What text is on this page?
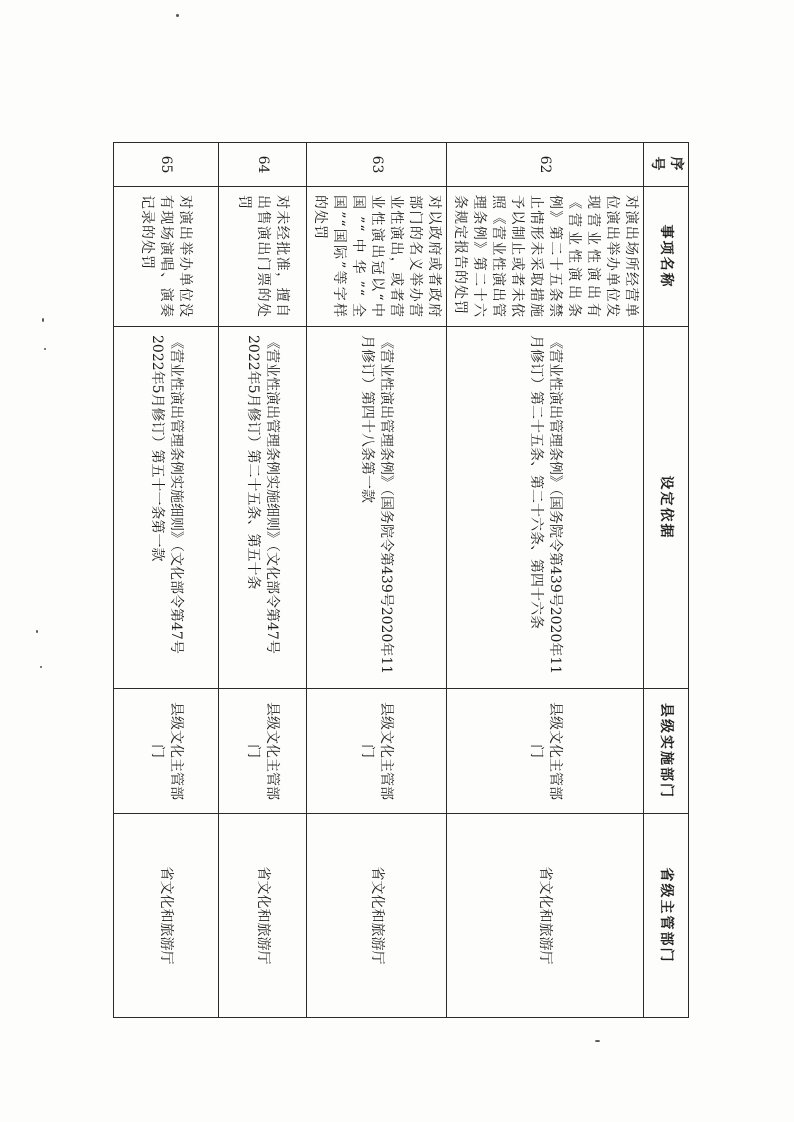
序号	事项名称	设定依据	县级实施部门	省级主管部门
62	对演出场所经营单位演出举办单位发现营业性演出有《营业性演出条例》第二十五条禁止情形未采取措施予以制止或者未依照《营业性演出管理条例》第二十六条规定报告的处罚	《营业性演出管理条例》（国务院令第439号2020年11月修订）第二十五条、第二十六条、第四十六条	县级文化主管部门	省文化和旅游厅
63	对以政府或者政府部门的名义举办营业性演出，或者营业性演出冠以“中国”“中华”“全国”“国际”等字样的处罚	《营业性演出管理条例》（国务院令第439号2020年11月修订）第四十八条第一款	县级文化主管部门	省文化和旅游厅
64	对未经批准，擅自出售演出门票的处罚	《营业性演出管理条例实施细则》（文化部令第47号2022年5月修订）第二十五条、第五十条	县级文化主管部门	省文化和旅游厅
65	对演出举办单位没有现场演唱、演奏记录的处罚	《营业性演出管理条例实施细则》（文化部令第47号2022年5月修订）第五十一条第一款	县级文化主管部门	省文化和旅游厅
